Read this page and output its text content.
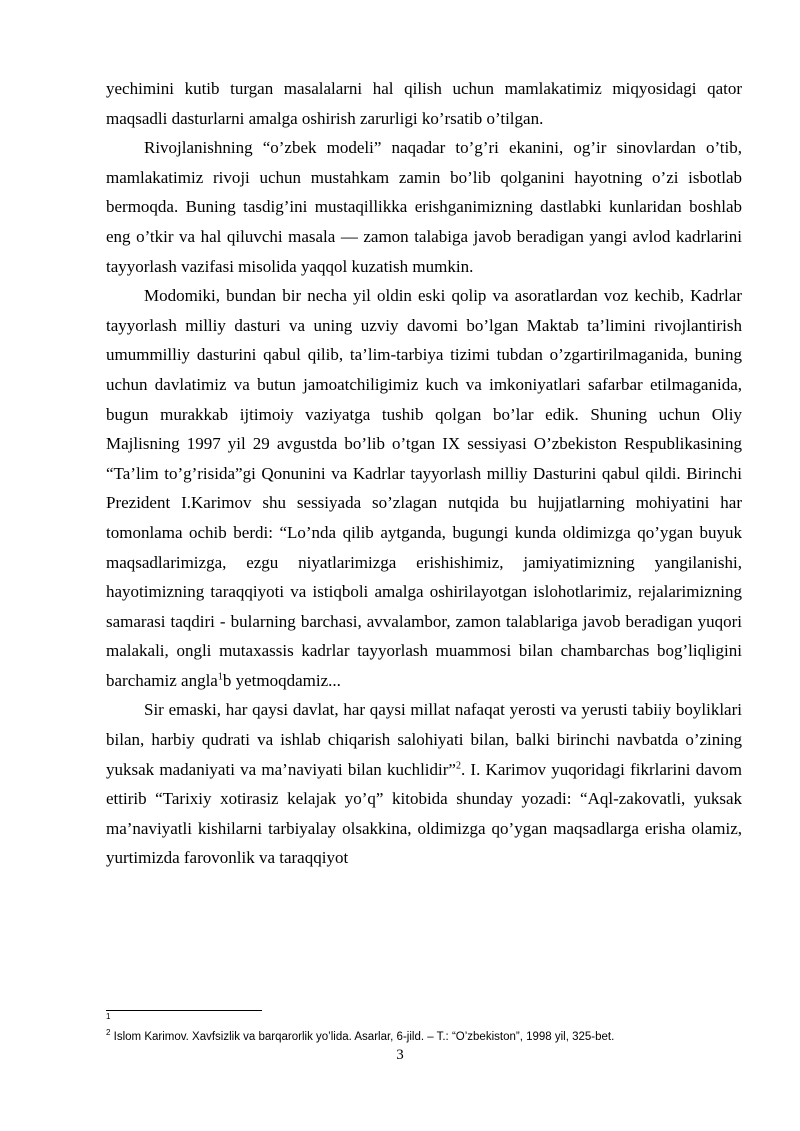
yechimini kutib turgan masalalarni hal qilish uchun mamlakatimiz miqyosidagi qator maqsadli dasturlarni amalga oshirish zarurligi ko’rsatib o’tilgan.

Rivojlanishning “o’zbek modeli” naqadar to’g’ri ekanini, og’ir sinovlardan o’tib, mamlakatimiz rivoji uchun mustahkam zamin bo’lib qolganini hayotning o’zi isbotlab bermoqda. Buning tasdig’ini mustaqillikka erishganimizning dastlabki kunlaridan boshlab eng o’tkir va hal qiluvchi masala — zamon talabiga javob beradigan yangi avlod kadrlarini tayyorlash vazifasi misolida yaqqol kuzatish mumkin.

Modomiki, bundan bir necha yil oldin eski qolip va asoratlardan voz kechib, Kadrlar tayyorlash milliy dasturi va uning uzviy davomi bo’lgan Maktab ta’limini rivojlantirish umummilliy dasturini qabul qilib, ta’lim-tarbiya tizimi tubdan o’zgartirilmaganida, buning uchun davlatimiz va butun jamoatchiligimiz kuch va imkoniyatlari safarbar etilmaganida, bugun murakkab ijtimoiy vaziyatga tushib qolgan bo’lar edik. Shuning uchun Oliy Majlisning 1997 yil 29 avgustda bo’lib o’tgan IX sessiyasi O’zbekiston Respublikasining “Ta’lim to’g’risida”gi Qonunini va Kadrlar tayyorlash milliy Dasturini qabul qildi. Birinchi Prezident I.Karimov shu sessiyada so’zlagan nutqida bu hujjatlarning mohiyatini har tomonlama ochib berdi: “Lo’nda qilib aytganda, bugungi kunda oldimizga qo’ygan buyuk maqsadlarimizga, ezgu niyatlarimizga erishishimiz, jamiyatimizning yangilanishi, hayotimizning taraqqiyoti va istiqboli amalga oshirilayotgan islohotlarimiz, rejalarimizning samarasi taqdiri - bularning barchasi, avvalambor, zamon talablariga javob beradigan yuqori malakali, ongli mutaxassis kadrlar tayyorlash muammosi bilan chambarchas bog’liqligini barchamiz angla$^1$b yetmoqdamiz...

Sir emaski, har qaysi davlat, har qaysi millat nafaqat yerosti va yerusti tabiiy boyliklari bilan, harbiy qudrati va ishlab chiqarish salohiyati bilan, balki birinchi navbatda o’zining yuksak madaniyati va ma’naviyati bilan kuchlidir”$^2$. I. Karimov yuqoridagi fikrlarini davom ettirib “Tarixiy xotirasiz kelajak yo’q” kitobida shunday yozadi: “Aql-zakovatli, yuksak ma’naviyatli kishilarni tarbiyalay olsakkina, oldimizga qo’ygan maqsadlarga erisha olamiz, yurtimizda farovonlik va taraqqiyot

$^1$
$^2$ Islom Karimov. Xavfsizlik va barqarorlik yo’lida. Asarlar, 6-jild. – T.: “O’zbekiston”, 1998 yil, 325-bet.
3
